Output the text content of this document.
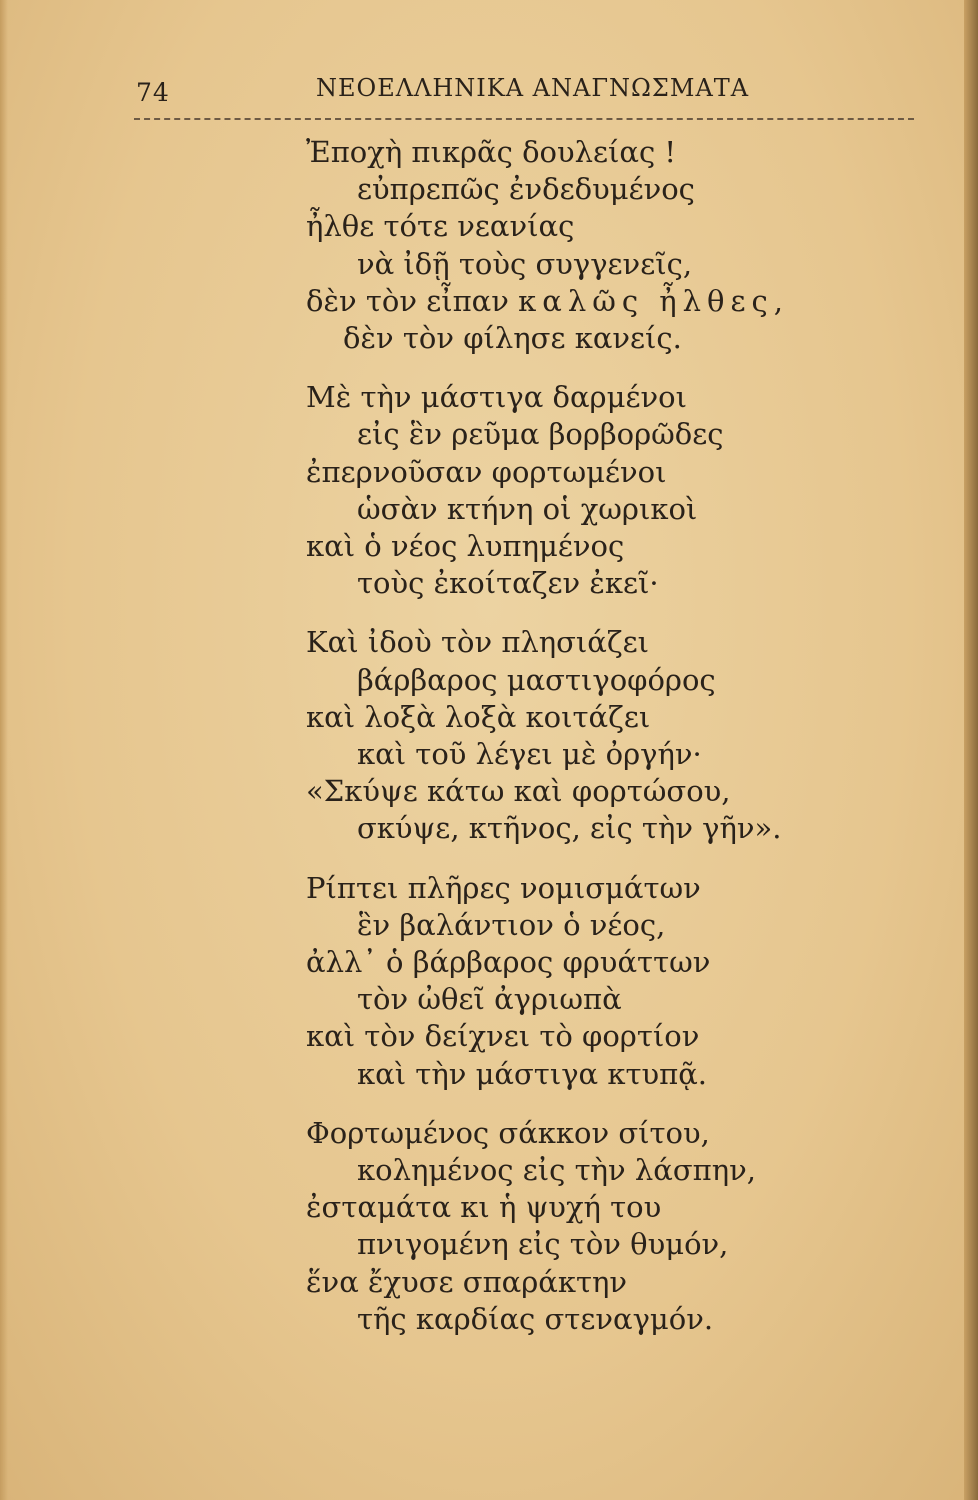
74	ΝΕΟΕΛΛΗΝΙΚΑ ΑΝΑΓΝΩΣΜΑΤΑ
Ἐποχὴ πικρᾶς δουλείας !
εὐπρεπῶς ἐνδεδυμένος
ἦλθε τότε νεανίας
νὰ ἰδῇ τοὺς συγγενεῖς,
δὲν τὸν εἶπαν καλῶς ἦλθες,
δὲν τὸν φίλησε κανείς.
Μὲ τὴν μάστιγα δαρμένοι
εἰς ἓν ρεῦμα βορβορῶδες
ἐπερνοῦσαν φορτωμένοι
ὡσὰν κτήνη οἱ χωρικοὶ
καὶ ὁ νέος λυπημένος
τοὺς ἐκοίταζεν ἐκεῖ·
Καὶ ἰδοὺ τὸν πλησιάζει
βάρβαρος μαστιγοφόρος
καὶ λοξὰ λοξὰ κοιτάζει
καὶ τοῦ λέγει μὲ ὀργήν·
«Σκύψε κάτω καὶ φορτώσου,
σκύψε, κτῆνος, εἰς τὴν γῆν».
Ρίπτει πλῆρες νομισμάτων
ἓν βαλάντιον ὁ νέος,
ἀλλ᾽ ὁ βάρβαρος φρυάττων
τὸν ὠθεῖ ἀγριωπὰ
καὶ τὸν δείχνει τὸ φορτίον
καὶ τὴν μάστιγα κτυπᾷ.
Φορτωμένος σάκκον σίτου,
κολημένος εἰς τὴν λάσπην,
ἐσταμάτα κι ἡ ψυχή του
πνιγομένη εἰς τὸν θυμόν,
ἕνα ἔχυσε σπαράκτην
τῆς καρδίας στεναγμόν.
